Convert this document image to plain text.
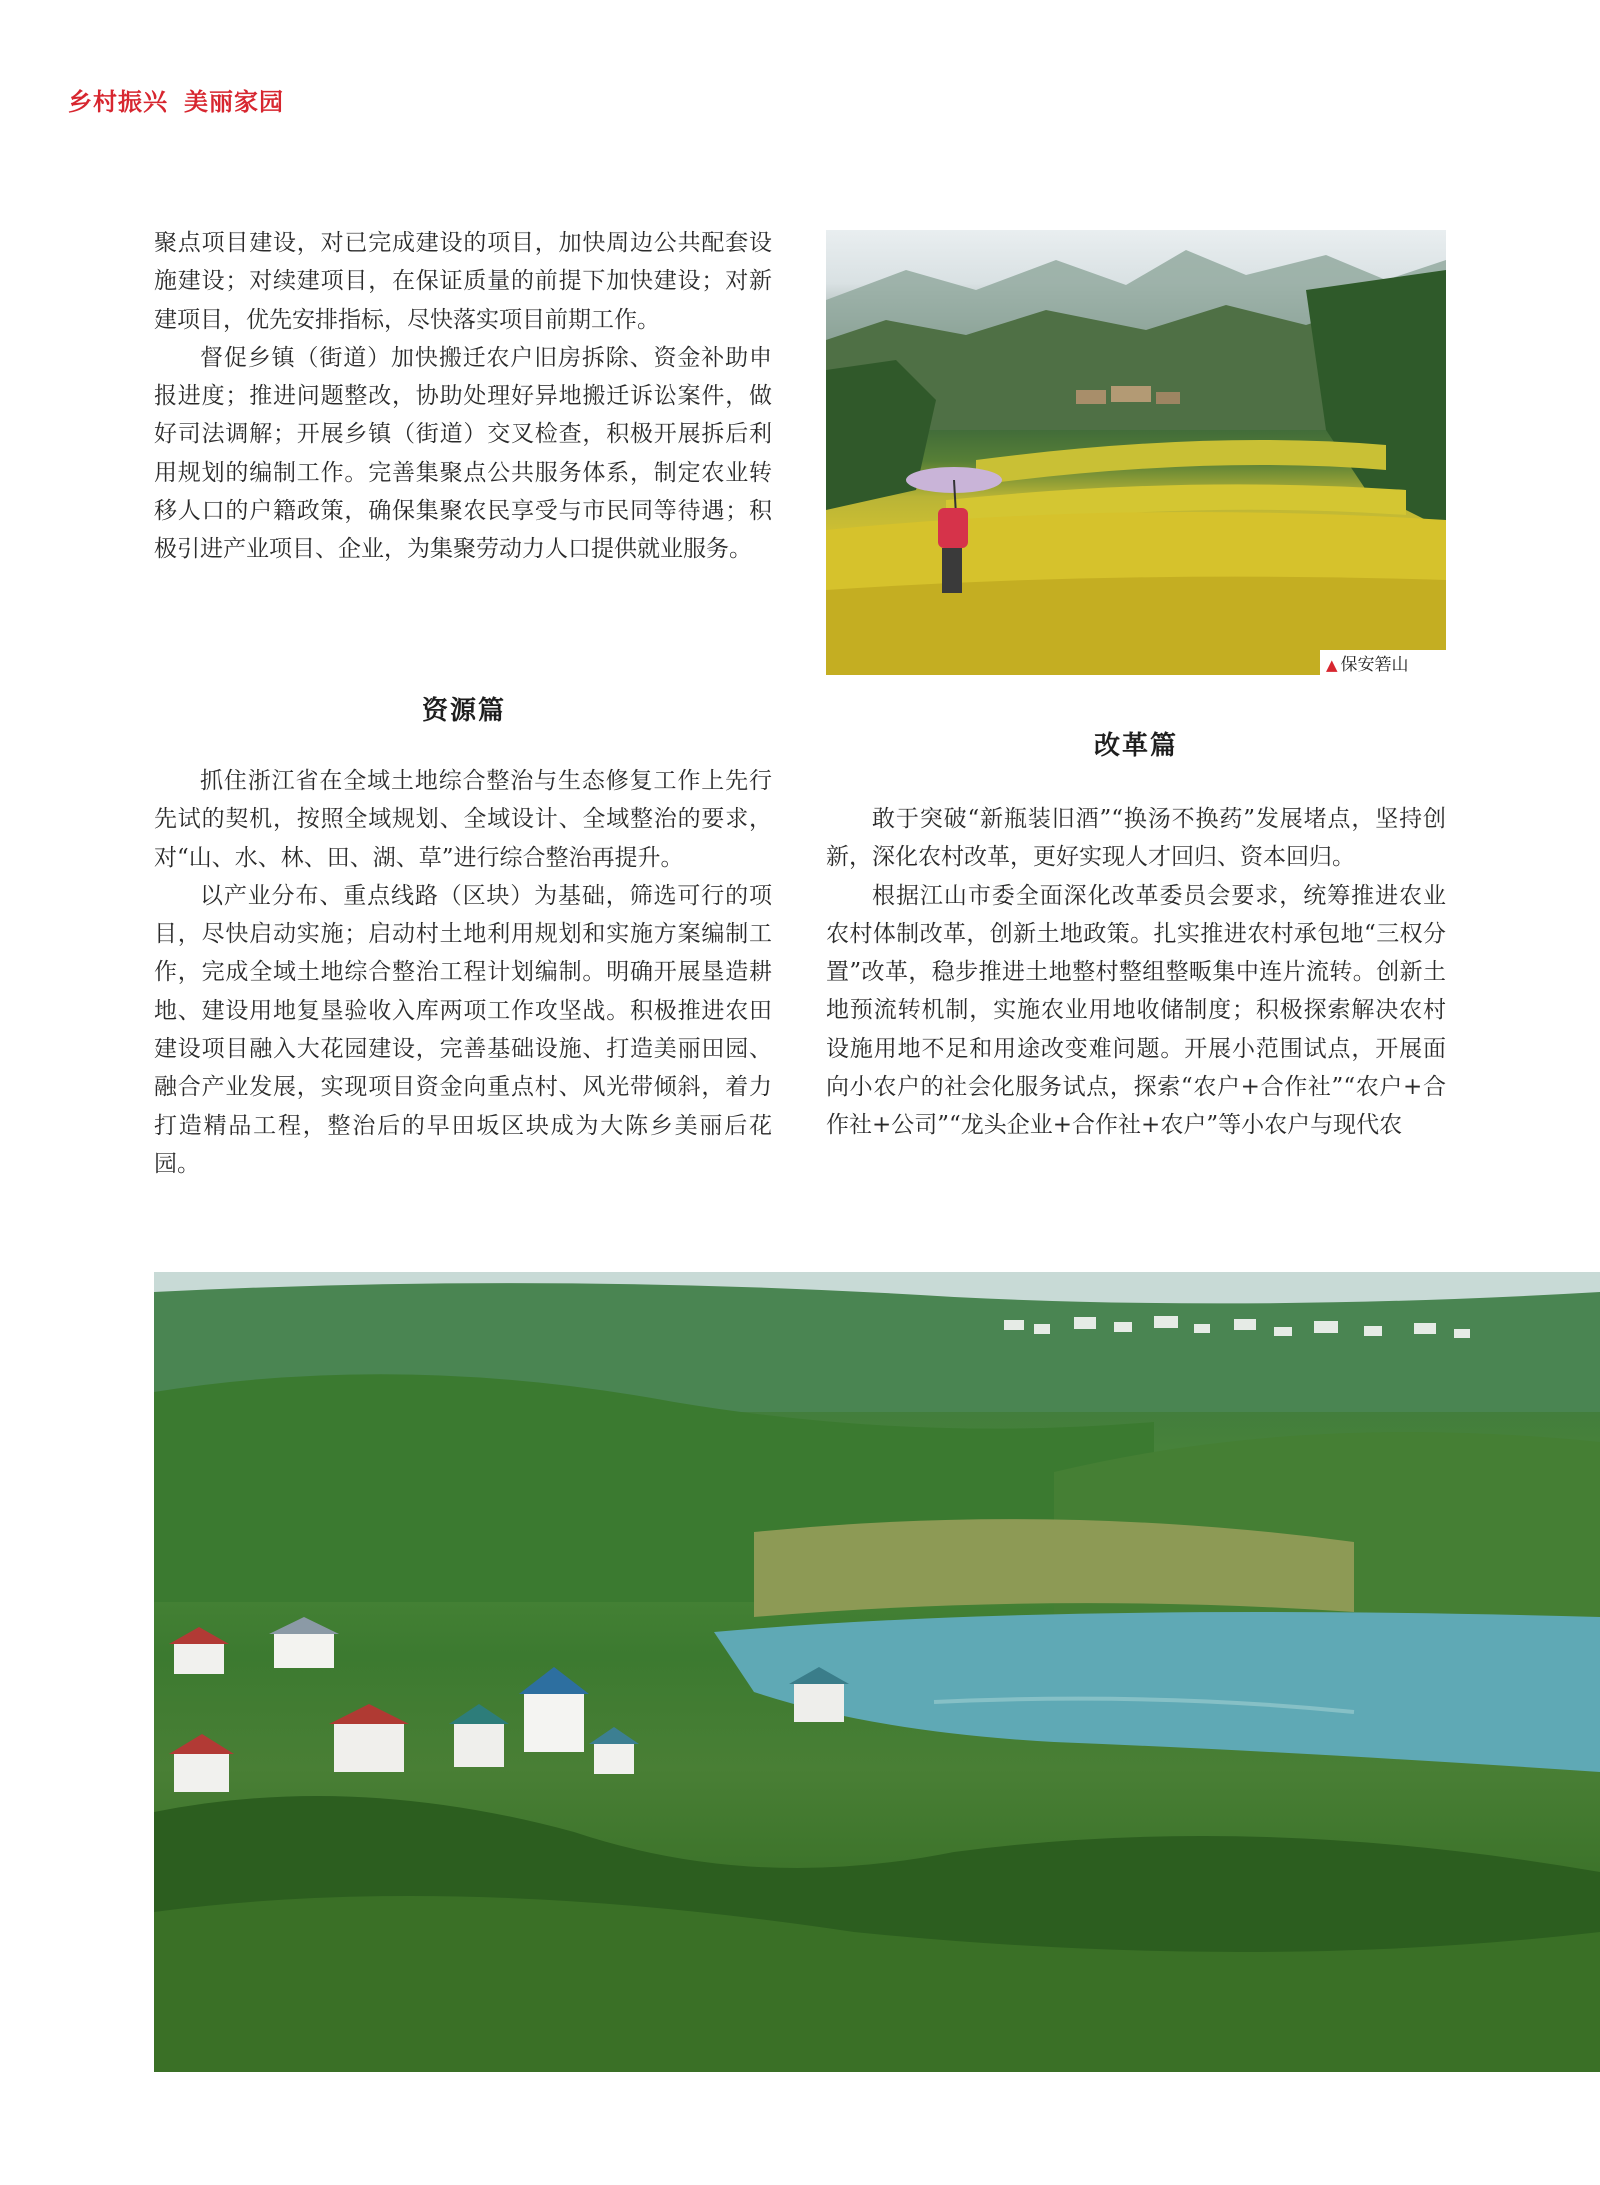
乡村振兴 美丽家园

聚点项目建设，对已完成建设的项目，加快周边公共配套设施建设；对续建项目，在保证质量的前提下加快建设；对新建项目，优先安排指标，尽快落实项目前期工作。

督促乡镇（街道）加快搬迁农户旧房拆除、资金补助申报进度；推进问题整改，协助处理好异地搬迁诉讼案件，做好司法调解；开展乡镇（街道）交叉检查，积极开展拆后利用规划的编制工作。完善集聚点公共服务体系，制定农业转移人口的户籍政策，确保集聚农民享受与市民同等待遇；积极引进产业项目、企业，为集聚劳动力人口提供就业服务。

资源篇

抓住浙江省在全域土地综合整治与生态修复工作上先行先试的契机，按照全域规划、全域设计、全域整治的要求，对“山、水、林、田、湖、草”进行综合整治再提升。

以产业分布、重点线路（区块）为基础，筛选可行的项目，尽快启动实施；启动村土地利用规划和实施方案编制工作，完成全域土地综合整治工程计划编制。明确开展垦造耕地、建设用地复垦验收入库两项工作攻坚战。积极推进农田建设项目融入大花园建设，完善基础设施、打造美丽田园、融合产业发展，实现项目资金向重点村、风光带倾斜，着力打造精品工程，整治后的早田坂区块成为大陈乡美丽后花园。

▲ 保安箬山
改革篇

敢于突破“新瓶装旧酒”“换汤不换药”发展堵点，坚持创新，深化农村改革，更好实现人才回归、资本回归。

根据江山市委全面深化改革委员会要求，统筹推进农业农村体制改革，创新土地政策。扎实推进农村承包地“三权分置”改革，稳步推进土地整村整组整畈集中连片流转。创新土地预流转机制，实施农业用地收储制度；积极探索解决农村设施用地不足和用途改变难问题。开展小范围试点，开展面向小农户的社会化服务试点，探索“农户+合作社”“农户+合作社+公司”“龙头企业+合作社+农户”等小农户与现代农
